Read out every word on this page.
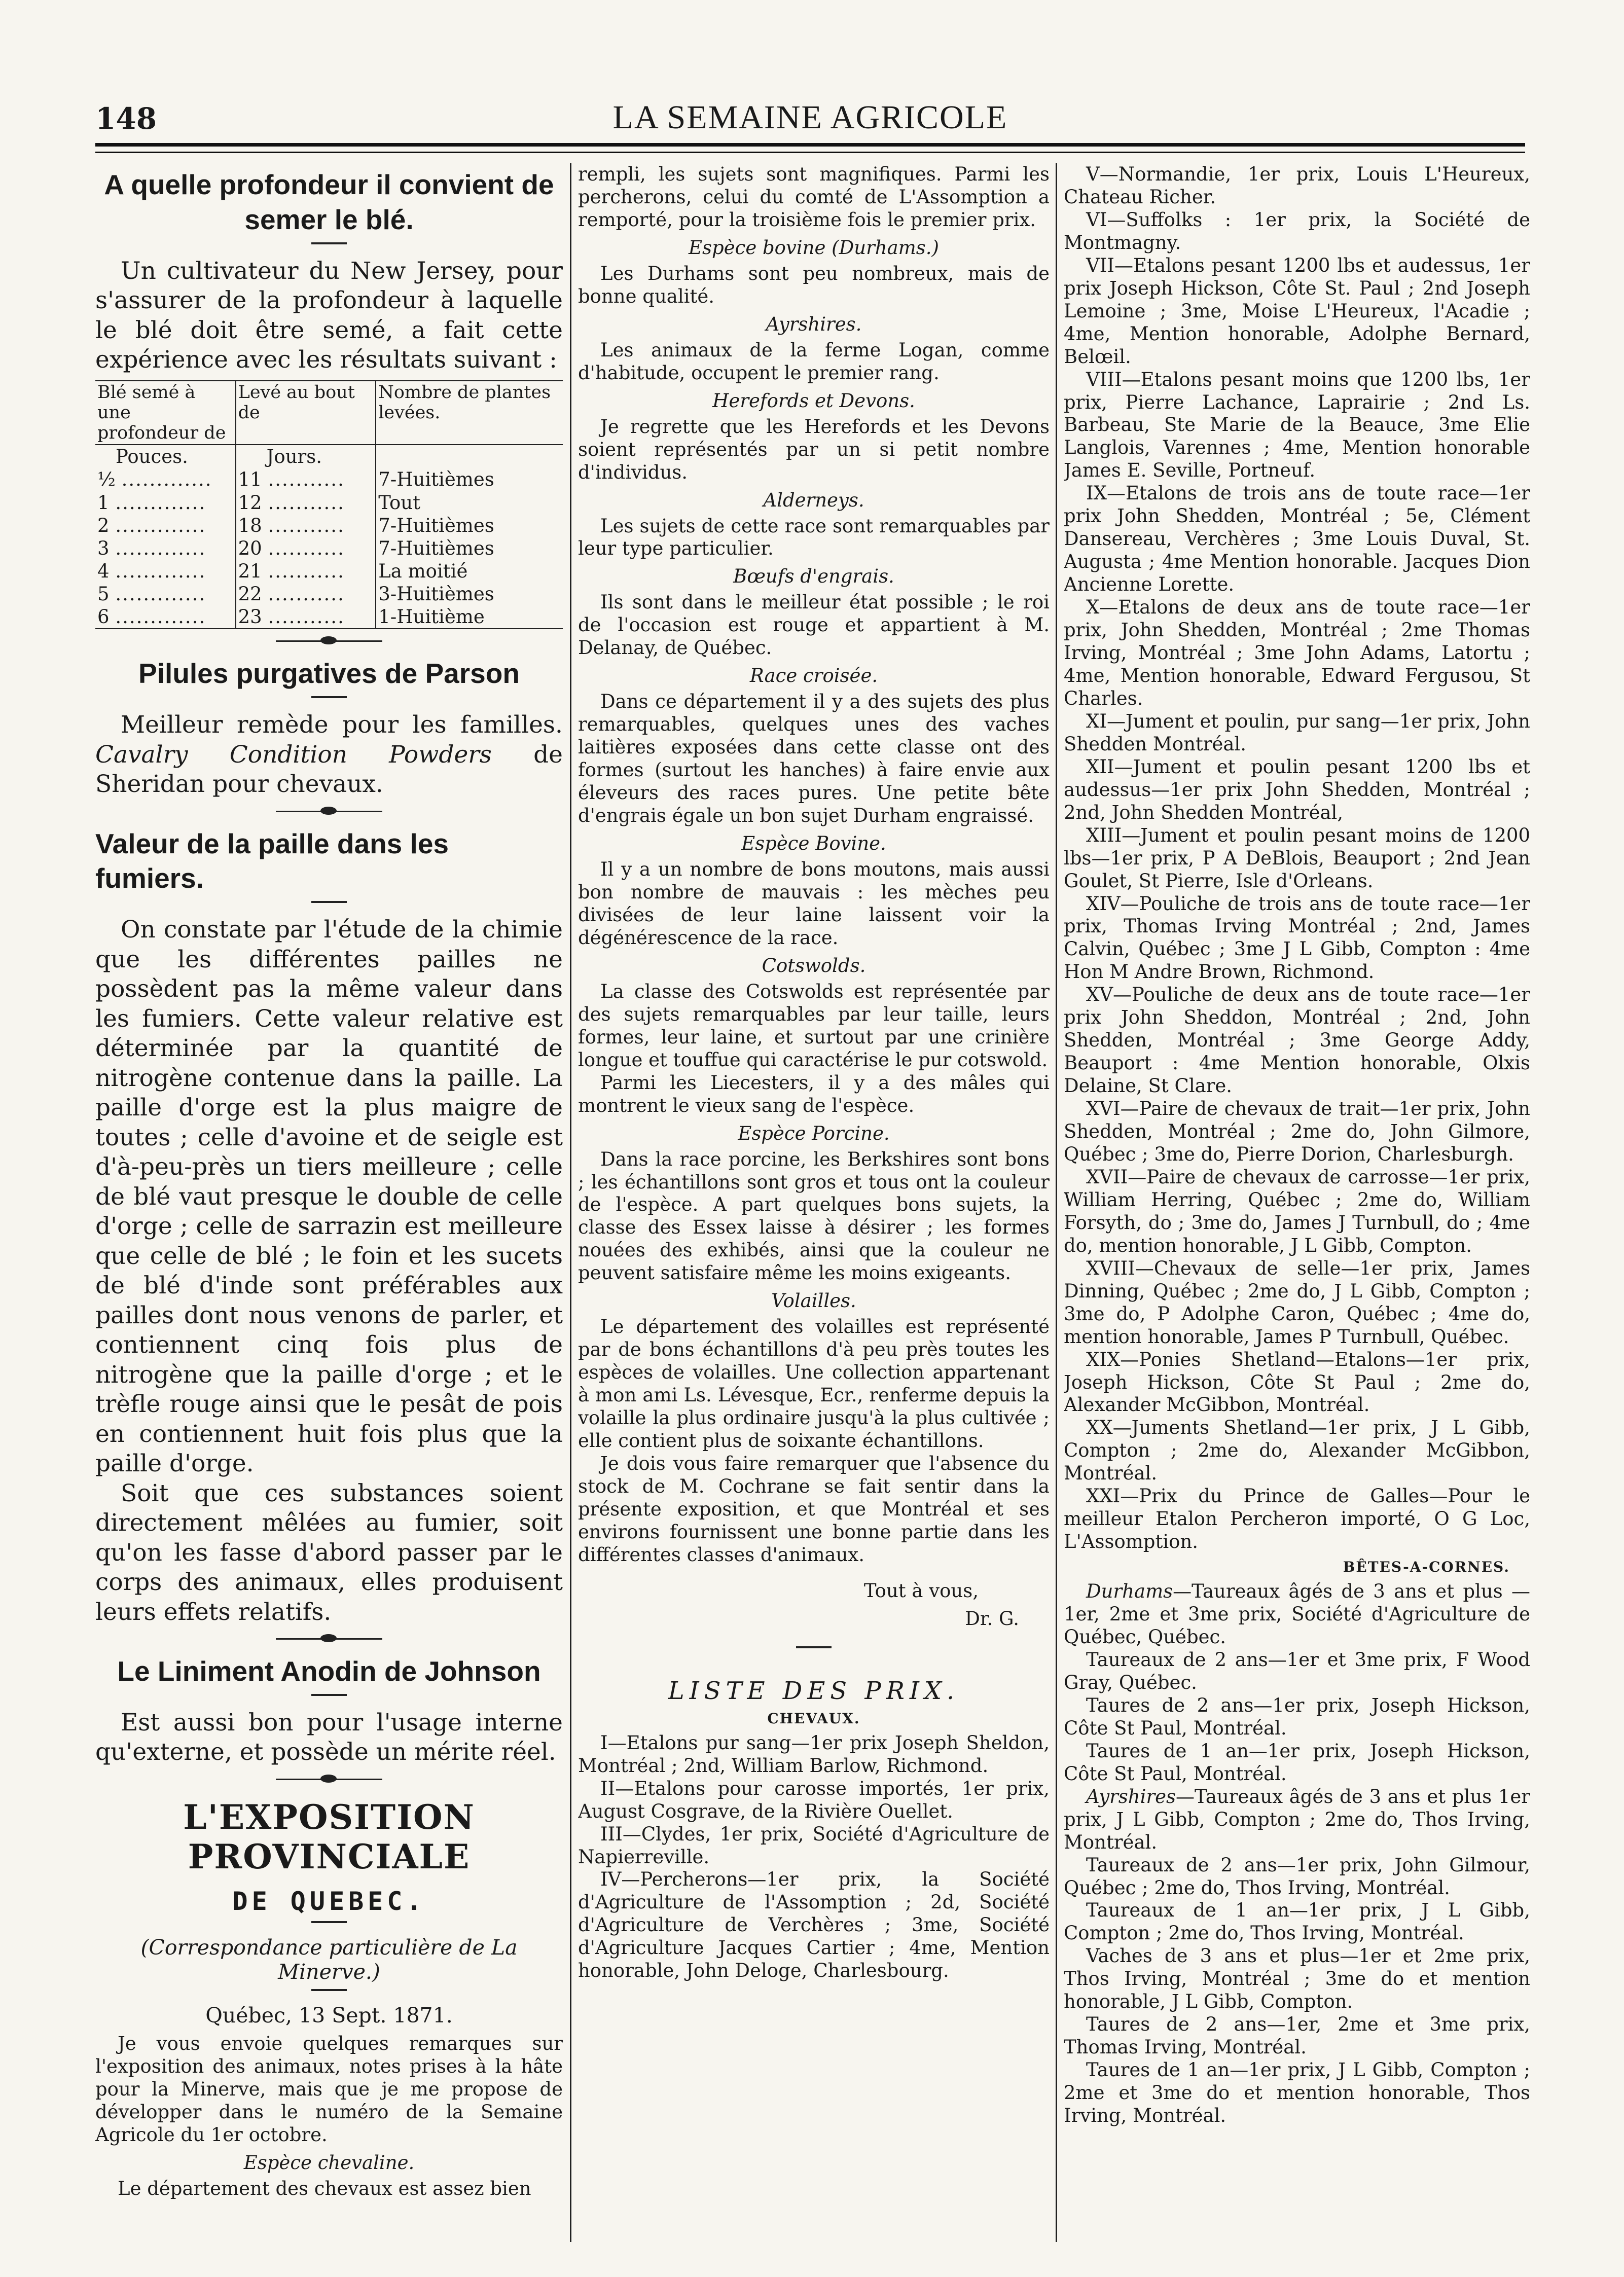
148	LA SEMAINE AGRICOLE
A quelle profondeur il convient de semer le blé.

Un cultivateur du New Jersey, pour s'assurer de la profondeur à laquelle le blé doit être semé, a fait cette expérience avec les résultats suivant :

Blé semé à une profondeur de	Levé au bout de	Nombre de plantes levées.
Pouces.	Jours.	
½ .............	11 ...........	7-Huitièmes
1 .............	12 ...........	Tout
2 .............	18 ...........	7-Huitièmes
3 .............	20 ...........	7-Huitièmes
4 .............	21 ...........	La moitié
5 .............	22 ...........	3-Huitièmes
6 .............	23 ...........	1-Huitième
Pilules purgatives de Parson

Meilleur remède pour les familles. Cavalry Condition Powders de Sheridan pour chevaux.

Valeur de la paille dans les fumiers.

On constate par l'étude de la chimie que les différentes pailles ne possèdent pas la même valeur dans les fumiers. Cette valeur relative est déterminée par la quantité de nitrogène contenue dans la paille. La paille d'orge est la plus maigre de toutes ; celle d'avoine et de seigle est d'à-peu-près un tiers meilleure ; celle de blé vaut presque le double de celle d'orge ; celle de sarrazin est meilleure que celle de blé ; le foin et les sucets de blé d'inde sont préférables aux pailles dont nous venons de parler, et contiennent cinq fois plus de nitrogène que la paille d'orge ; et le trèfle rouge ainsi que le pesât de pois en contiennent huit fois plus que la paille d'orge.

Soit que ces substances soient directement mêlées au fumier, soit qu'on les fasse d'abord passer par le corps des animaux, elles produisent leurs effets relatifs.

Le Liniment Anodin de Johnson

Est aussi bon pour l'usage interne qu'externe, et possède un mérite réel.

L'EXPOSITION PROVINCIALE
DE QUEBEC.
(Correspondance particulière de La Minerve.)
Québec, 13 Sept. 1871.

Je vous envoie quelques remarques sur l'exposition des animaux, notes prises à la hâte pour la Minerve, mais que je me propose de développer dans le numéro de la Semaine Agricole du 1er octobre.

Espèce chevaline.

Le département des chevaux est assez bien

rempli, les sujets sont magnifiques. Parmi les percherons, celui du comté de L'Assomption a remporté, pour la troisième fois le premier prix.

Espèce bovine (Durhams.)

Les Durhams sont peu nombreux, mais de bonne qualité.

Ayrshires.

Les animaux de la ferme Logan, comme d'habitude, occupent le premier rang.

Herefords et Devons.

Je regrette que les Herefords et les Devons soient représentés par un si petit nombre d'individus.

Alderneys.

Les sujets de cette race sont remarquables par leur type particulier.

Bœufs d'engrais.

Ils sont dans le meilleur état possible ; le roi de l'occasion est rouge et appartient à M. Delanay, de Québec.

Race croisée.

Dans ce département il y a des sujets des plus remarquables, quelques unes des vaches laitières exposées dans cette classe ont des formes (surtout les hanches) à faire envie aux éleveurs des races pures. Une petite bête d'engrais égale un bon sujet Durham engraissé.

Espèce Bovine.

Il y a un nombre de bons moutons, mais aussi bon nombre de mauvais : les mèches peu divisées de leur laine laissent voir la dégénérescence de la race.

Cotswolds.

La classe des Cotswolds est représentée par des sujets remarquables par leur taille, leurs formes, leur laine, et surtout par une crinière longue et touffue qui caractérise le pur cotswold.

Parmi les Liecesters, il y a des mâles qui montrent le vieux sang de l'espèce.

Espèce Porcine.

Dans la race porcine, les Berkshires sont bons ; les échantillons sont gros et tous ont la couleur de l'espèce. A part quelques bons sujets, la classe des Essex laisse à désirer ; les formes nouées des exhibés, ainsi que la couleur ne peuvent satisfaire même les moins exigeants.

Volailles.

Le département des volailles est représenté par de bons échantillons d'à peu près toutes les espèces de volailles. Une collection appartenant à mon ami Ls. Lévesque, Ecr., renferme depuis la volaille la plus ordinaire jusqu'à la plus cultivée ; elle contient plus de soixante échantillons.

Je dois vous faire remarquer que l'absence du stock de M. Cochrane se fait sentir dans la présente exposition, et que Montréal et ses environs fournissent une bonne partie dans les différentes classes d'animaux.

Tout à vous,
Dr. G.
LISTE DES PRIX.
CHEVAUX.

I—Etalons pur sang—1er prix Joseph Sheldon, Montréal ; 2nd, William Barlow, Richmond.

II—Etalons pour carosse importés, 1er prix, August Cosgrave, de la Rivière Ouellet.

III—Clydes, 1er prix, Société d'Agriculture de Napierreville.

IV—Percherons—1er prix, la Société d'Agriculture de l'Assomption ; 2d, Société d'Agriculture de Verchères ; 3me, Société d'Agriculture Jacques Cartier ; 4me, Mention honorable, John Deloge, Charlesbourg.

V—Normandie, 1er prix, Louis L'Heureux, Chateau Richer.

VI—Suffolks : 1er prix, la Société de Montmagny.

VII—Etalons pesant 1200 lbs et audessus, 1er prix Joseph Hickson, Côte St. Paul ; 2nd Joseph Lemoine ; 3me, Moise L'Heureux, l'Acadie ; 4me, Mention honorable, Adolphe Bernard, Belœil.

VIII—Etalons pesant moins que 1200 lbs, 1er prix, Pierre Lachance, Laprairie ; 2nd Ls. Barbeau, Ste Marie de la Beauce, 3me Elie Langlois, Varennes ; 4me, Mention honorable James E. Seville, Portneuf.

IX—Etalons de trois ans de toute race—1er prix John Shedden, Montréal ; 5e, Clément Dansereau, Verchères ; 3me Louis Duval, St. Augusta ; 4me Mention honorable. Jacques Dion Ancienne Lorette.

X—Etalons de deux ans de toute race—1er prix, John Shedden, Montréal ; 2me Thomas Irving, Montréal ; 3me John Adams, Latortu ; 4me, Mention honorable, Edward Fergusou, St Charles.

XI—Jument et poulin, pur sang—1er prix, John Shedden Montréal.

XII—Jument et poulin pesant 1200 lbs et audessus—1er prix John Shedden, Montréal ; 2nd, John Shedden Montréal,

XIII—Jument et poulin pesant moins de 1200 lbs—1er prix, P A DeBlois, Beauport ; 2nd Jean Goulet, St Pierre, Isle d'Orleans.

XIV—Pouliche de trois ans de toute race—1er prix, Thomas Irving Montréal ; 2nd, James Calvin, Québec ; 3me J L Gibb, Compton : 4me Hon M Andre Brown, Richmond.

XV—Pouliche de deux ans de toute race—1er prix John Sheddon, Montréal ; 2nd, John Shedden, Montréal ; 3me George Addy, Beauport : 4me Mention honorable, Olxis Delaine, St Clare.

XVI—Paire de chevaux de trait—1er prix, John Shedden, Montréal ; 2me do, John Gilmore, Québec ; 3me do, Pierre Dorion, Charlesburgh.

XVII—Paire de chevaux de carrosse—1er prix, William Herring, Québec ; 2me do, William Forsyth, do ; 3me do, James J Turnbull, do ; 4me do, mention honorable, J L Gibb, Compton.

XVIII—Chevaux de selle—1er prix, James Dinning, Québec ; 2me do, J L Gibb, Compton ; 3me do, P Adolphe Caron, Québec ; 4me do, mention honorable, James P Turnbull, Québec.

XIX—Ponies Shetland—Etalons—1er prix, Joseph Hickson, Côte St Paul ; 2me do, Alexander McGibbon, Montréal.

XX—Juments Shetland—1er prix, J L Gibb, Compton ; 2me do, Alexander McGibbon, Montréal.

XXI—Prix du Prince de Galles—Pour le meilleur Etalon Percheron importé, O G Loc, L'Assomption.

BÊTES-A-CORNES.

Durhams—Taureaux âgés de 3 ans et plus —1er, 2me et 3me prix, Société d'Agriculture de Québec, Québec.

Taureaux de 2 ans—1er et 3me prix, F Wood Gray, Québec.

Taures de 2 ans—1er prix, Joseph Hickson, Côte St Paul, Montréal.

Taures de 1 an—1er prix, Joseph Hickson, Côte St Paul, Montréal.

Ayrshires—Taureaux âgés de 3 ans et plus 1er prix, J L Gibb, Compton ; 2me do, Thos Irving, Montréal.

Taureaux de 2 ans—1er prix, John Gilmour, Québec ; 2me do, Thos Irving, Montréal.

Taureaux de 1 an—1er prix, J L Gibb, Compton ; 2me do, Thos Irving, Montréal.

Vaches de 3 ans et plus—1er et 2me prix, Thos Irving, Montréal ; 3me do et mention honorable, J L Gibb, Compton.

Taures de 2 ans—1er, 2me et 3me prix, Thomas Irving, Montréal.

Taures de 1 an—1er prix, J L Gibb, Compton ; 2me et 3me do et mention honorable, Thos Irving, Montréal.
